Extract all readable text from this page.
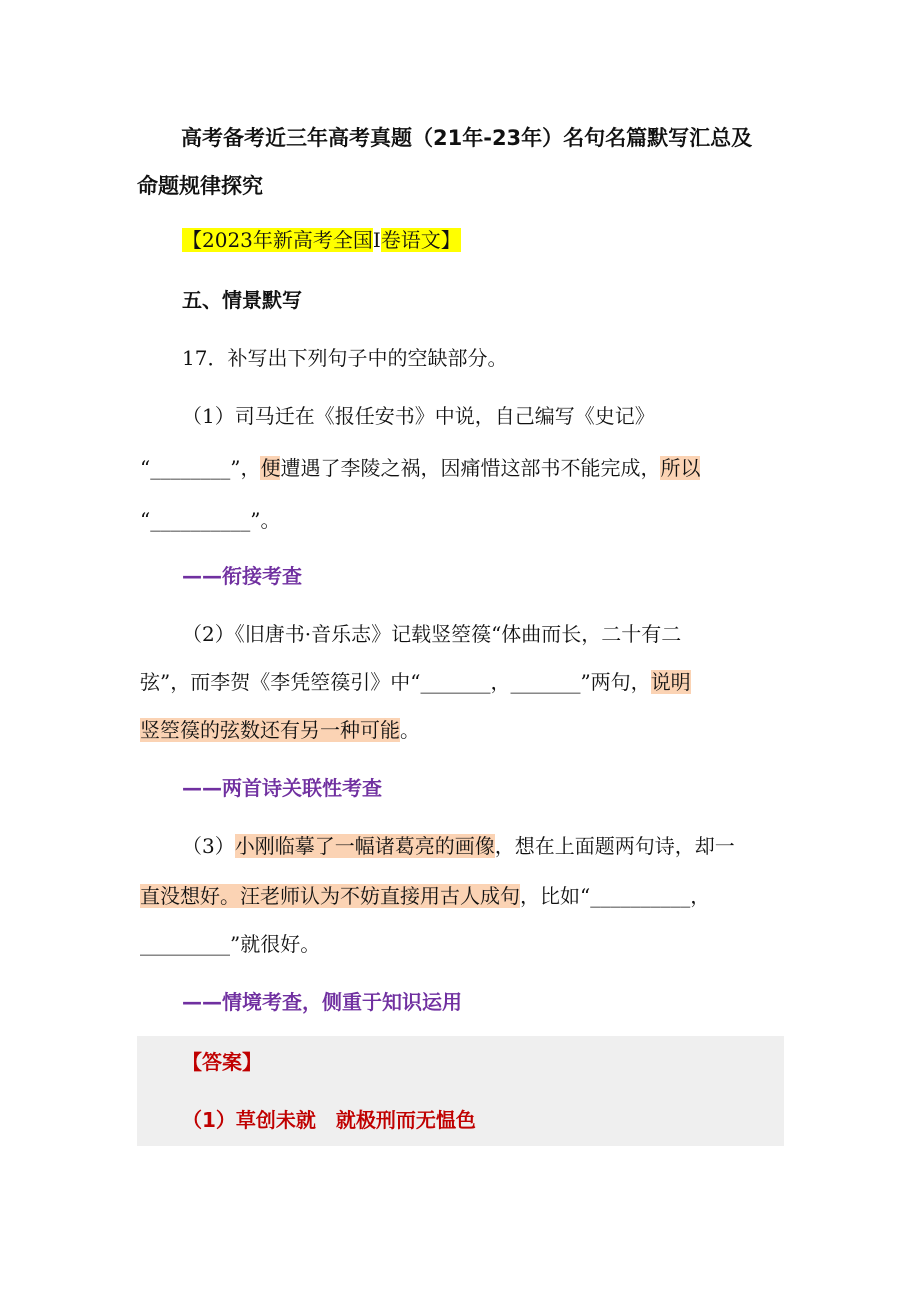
高考备考近三年高考真题（21年-23年）名句名篇默写汇总及
命题规律探究
【2023年新高考全国Ⅰ卷语文】
五、情景默写
17．补写出下列句子中的空缺部分。
（1）司马迁在《报任安书》中说，自己编写《史记》
“________”，便遭遇了李陵之祸，因痛惜这部书不能完成，所以
“__________”。
——衔接考查
（2）《旧唐书·音乐志》记载竖箜篌“体曲而长，二十有二
弦”，而李贺《李凭箜篌引》中“_______，_______”两句，说明
竖箜篌的弦数还有另一种可能。
——两首诗关联性考查
（3）小刚临摹了一幅诸葛亮的画像，想在上面题两句诗，却一
直没想好。汪老师认为不妨直接用古人成句，比如“__________，
_________”就很好。
——情境考查，侧重于知识运用
【答案】
（1）草创未就　就极刑而无愠色
